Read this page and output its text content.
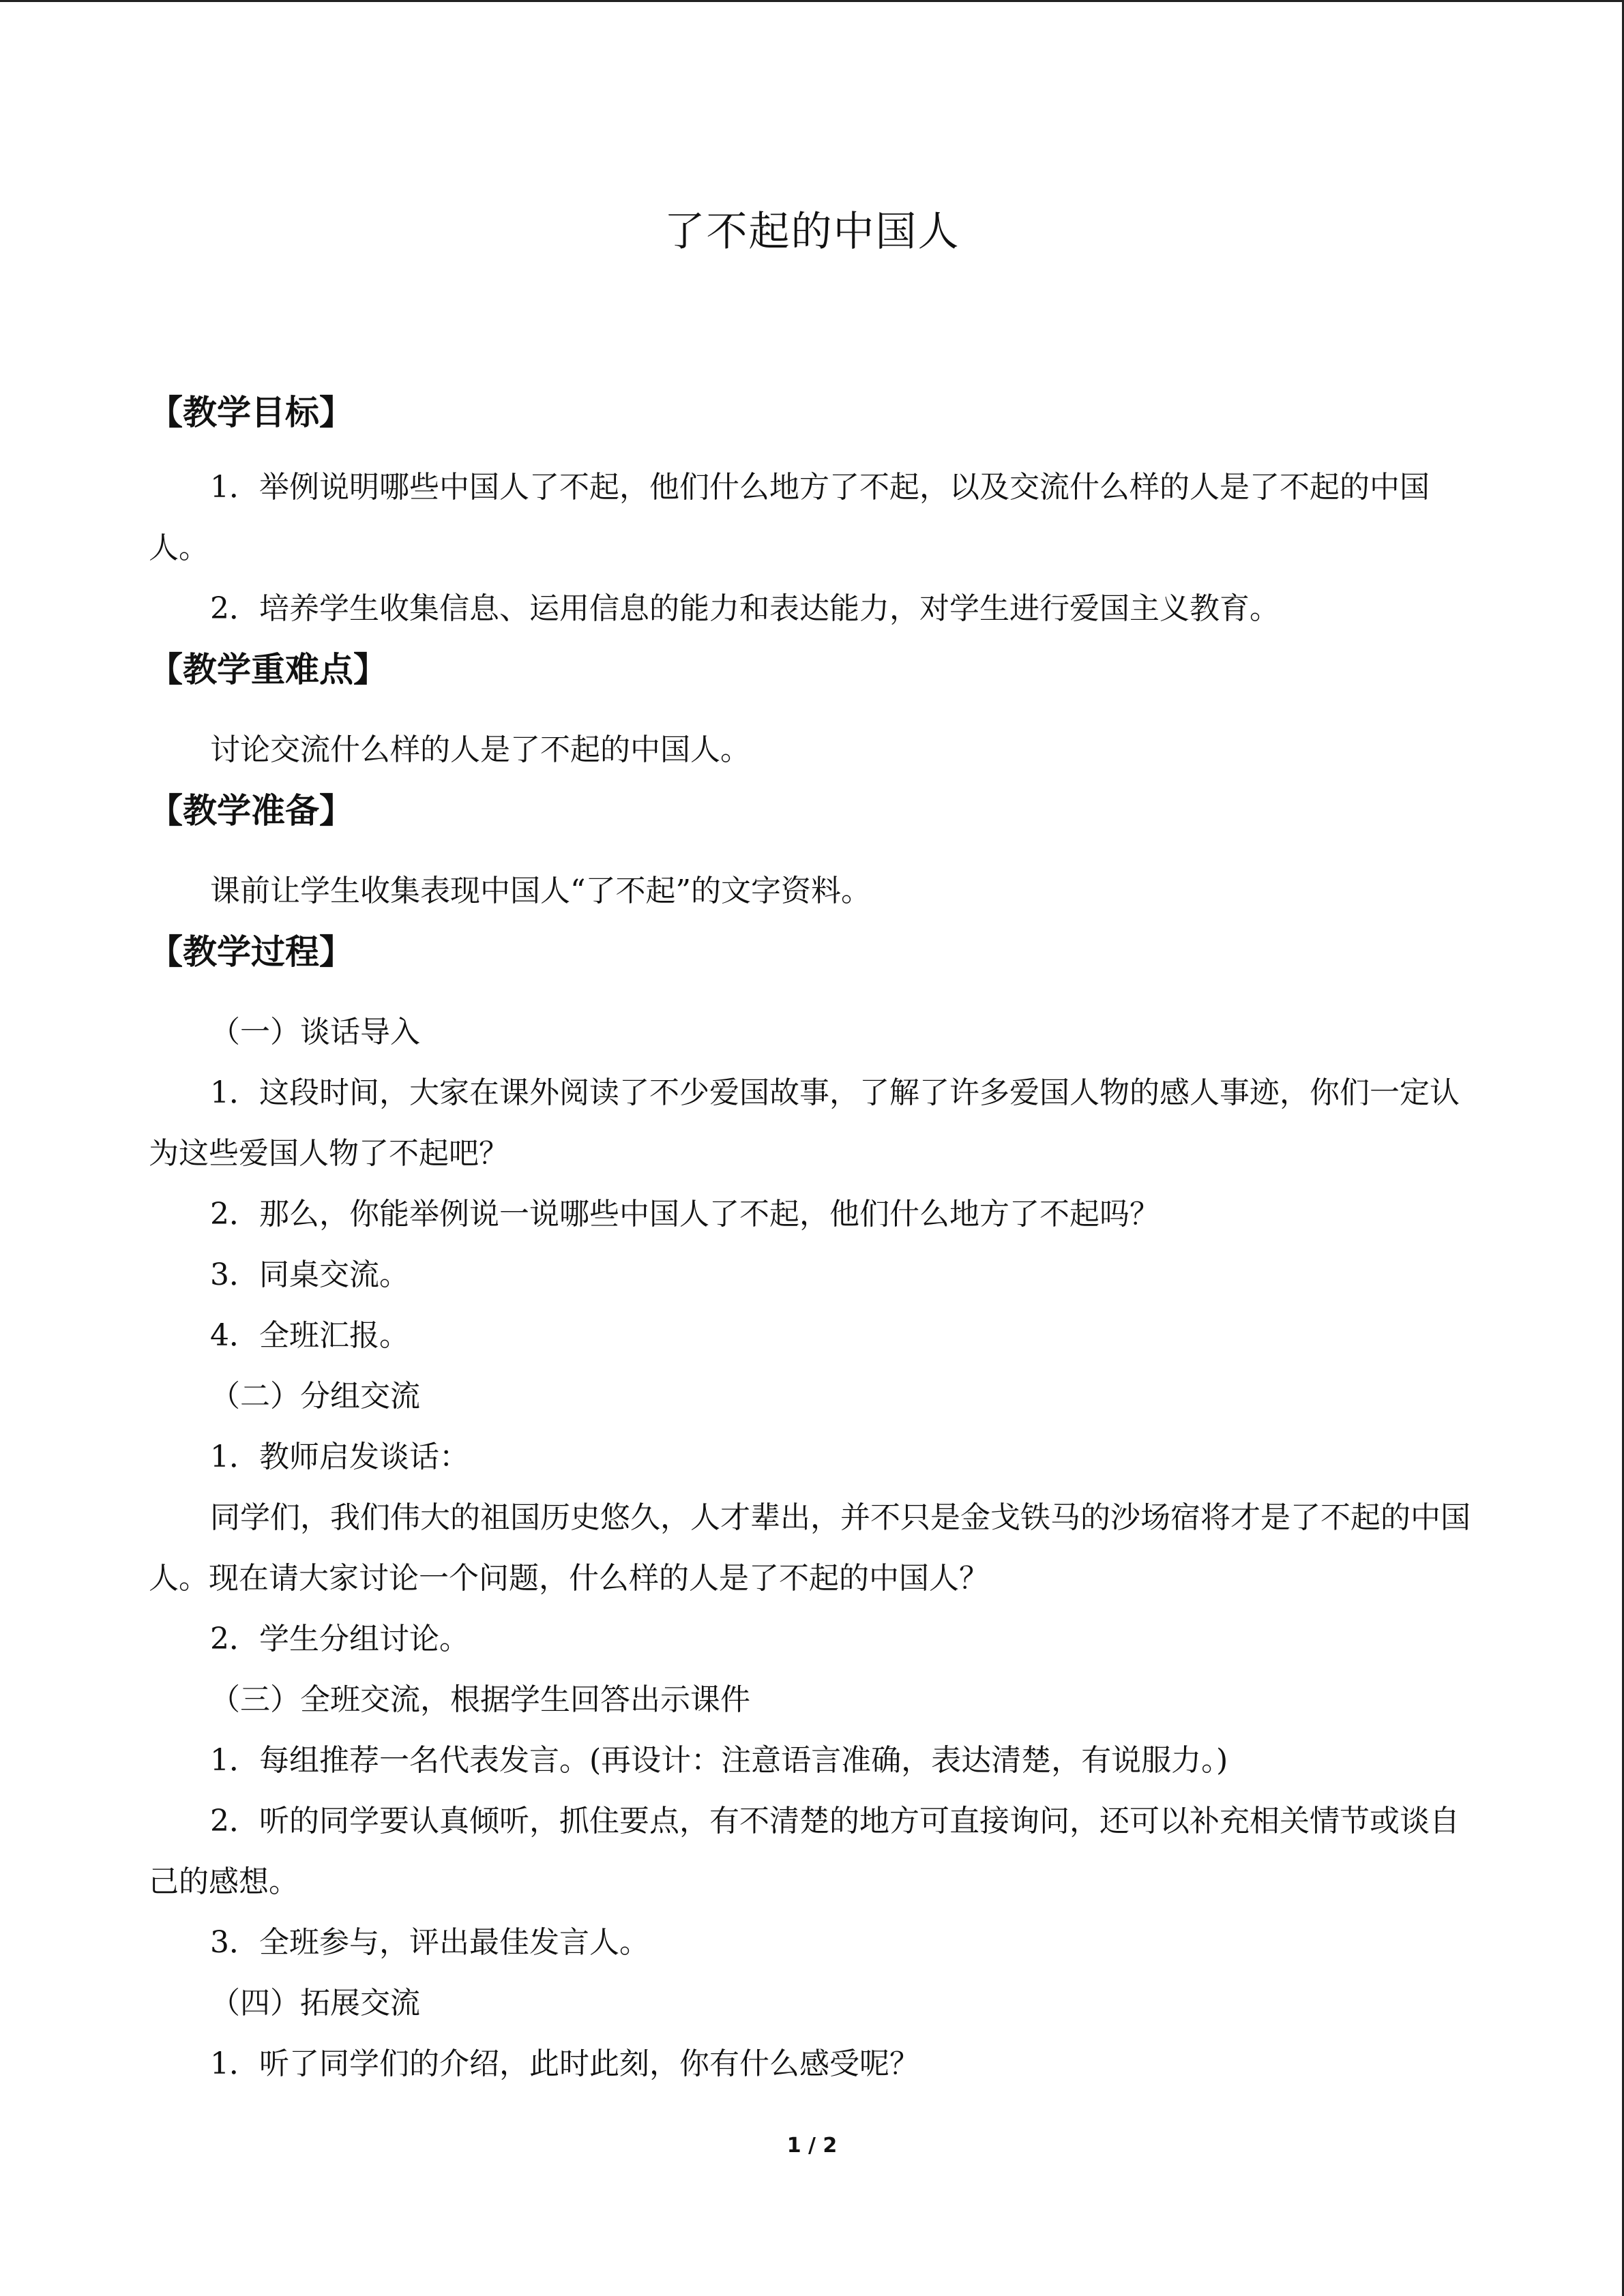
了不起的中国人
【教学目标】
1．举例说明哪些中国人了不起，他们什么地方了不起，以及交流什么样的人是了不起的中国人。
2．培养学生收集信息、运用信息的能力和表达能力，对学生进行爱国主义教育。
【教学重难点】
讨论交流什么样的人是了不起的中国人。
【教学准备】
课前让学生收集表现中国人“了不起”的文字资料。
【教学过程】
（一）谈话导入
1．这段时间，大家在课外阅读了不少爱国故事，了解了许多爱国人物的感人事迹，你们一定认为这些爱国人物了不起吧？
2．那么，你能举例说一说哪些中国人了不起，他们什么地方了不起吗？
3．同桌交流。
4．全班汇报。
（二）分组交流
1．教师启发谈话：
同学们，我们伟大的祖国历史悠久，人才辈出，并不只是金戈铁马的沙场宿将才是了不起的中国人。现在请大家讨论一个问题，什么样的人是了不起的中国人？
2．学生分组讨论。
（三）全班交流，根据学生回答出示课件
1．每组推荐一名代表发言。(再设计：注意语言准确，表达清楚，有说服力。)
2．听的同学要认真倾听，抓住要点，有不清楚的地方可直接询问，还可以补充相关情节或谈自己的感想。
3．全班参与，评出最佳发言人。
（四）拓展交流
1．听了同学们的介绍，此时此刻，你有什么感受呢？
1 / 2
